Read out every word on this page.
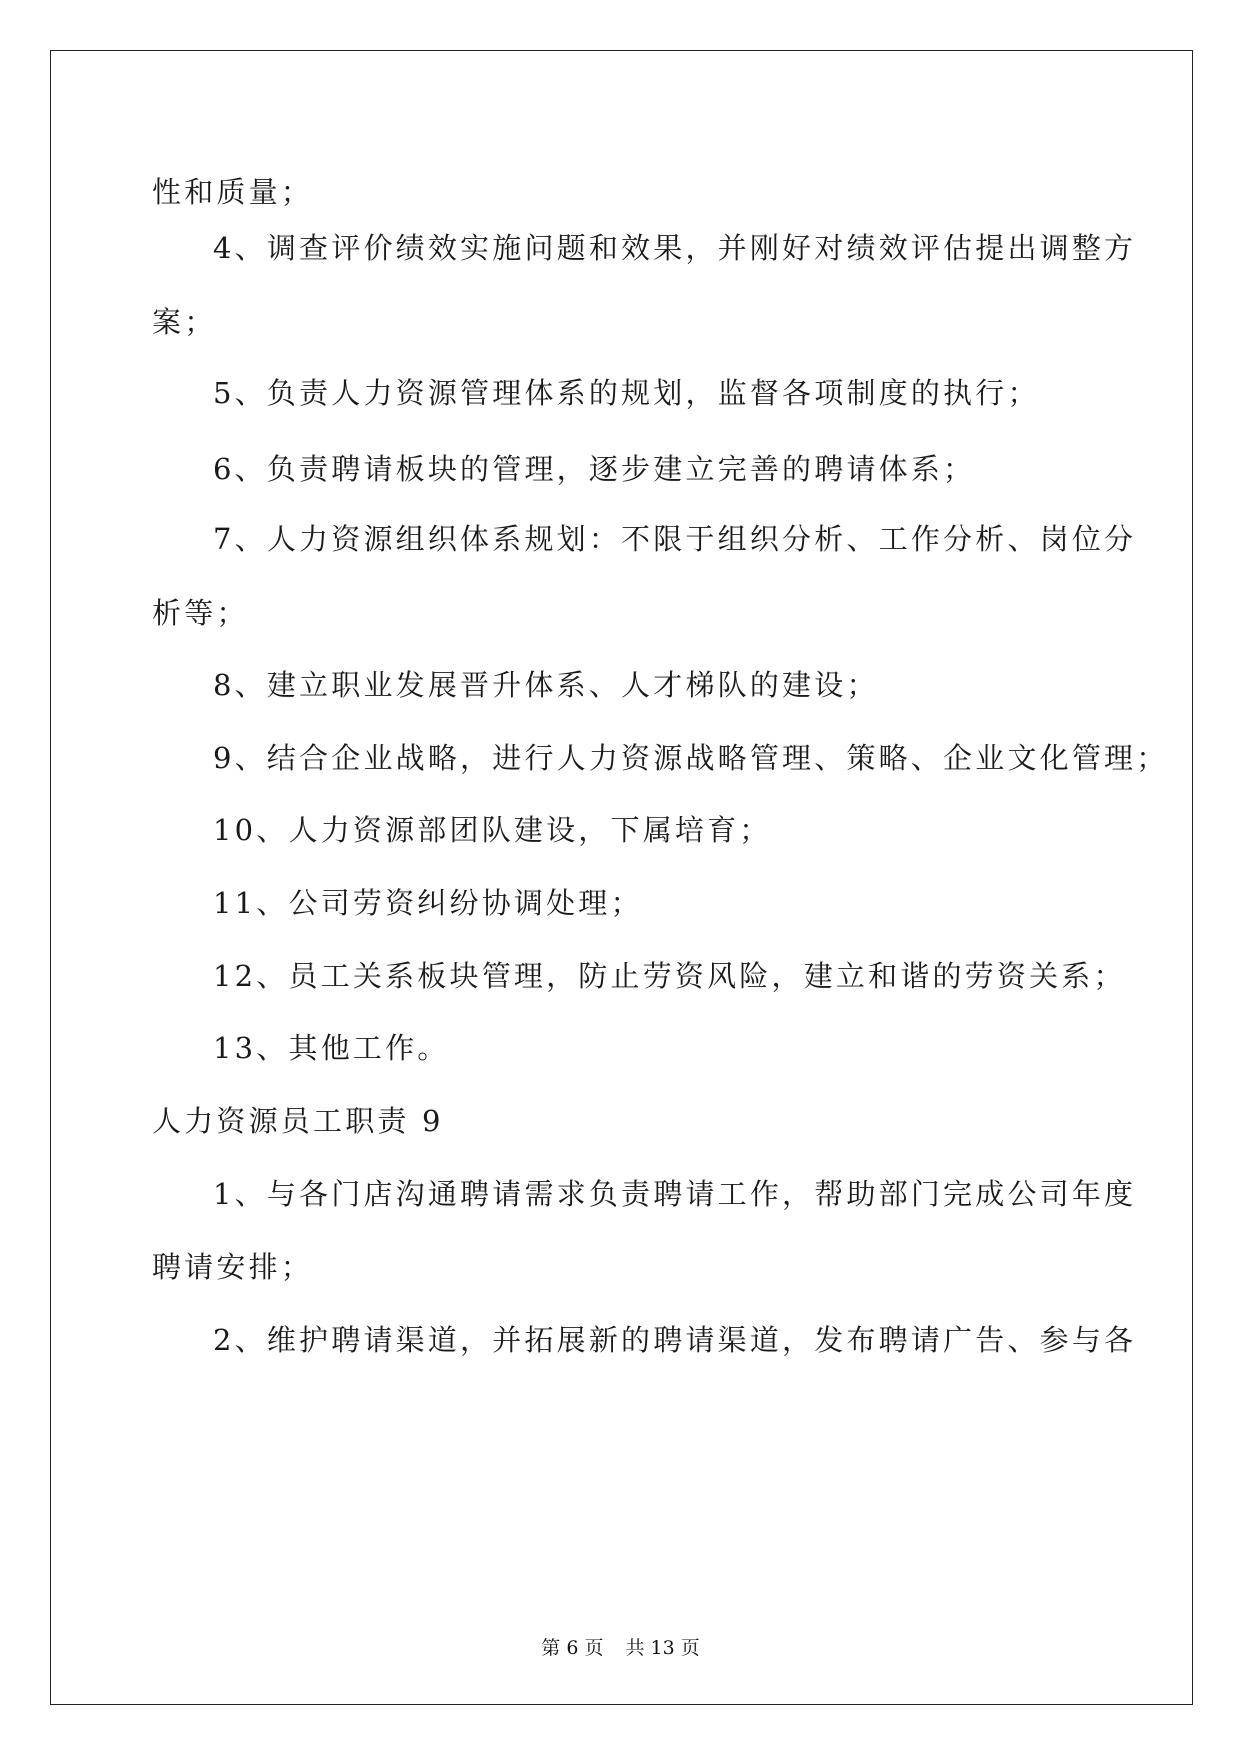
性和质量；
4、调查评价绩效实施问题和效果，并刚好对绩效评估提出调整方
案；
5、负责人力资源管理体系的规划，监督各项制度的执行；
6、负责聘请板块的管理，逐步建立完善的聘请体系；
7、人力资源组织体系规划：不限于组织分析、工作分析、岗位分
析等；
8、建立职业发展晋升体系、人才梯队的建设；
9、结合企业战略，进行人力资源战略管理、策略、企业文化管理；
10、人力资源部团队建设，下属培育；
11、公司劳资纠纷协调处理；
12、员工关系板块管理，防止劳资风险，建立和谐的劳资关系；
13、其他工作。
人力资源员工职责 9
1、与各门店沟通聘请需求负责聘请工作，帮助部门完成公司年度
聘请安排；
2、维护聘请渠道，并拓展新的聘请渠道，发布聘请广告、参与各
第 6 页 共 13 页
